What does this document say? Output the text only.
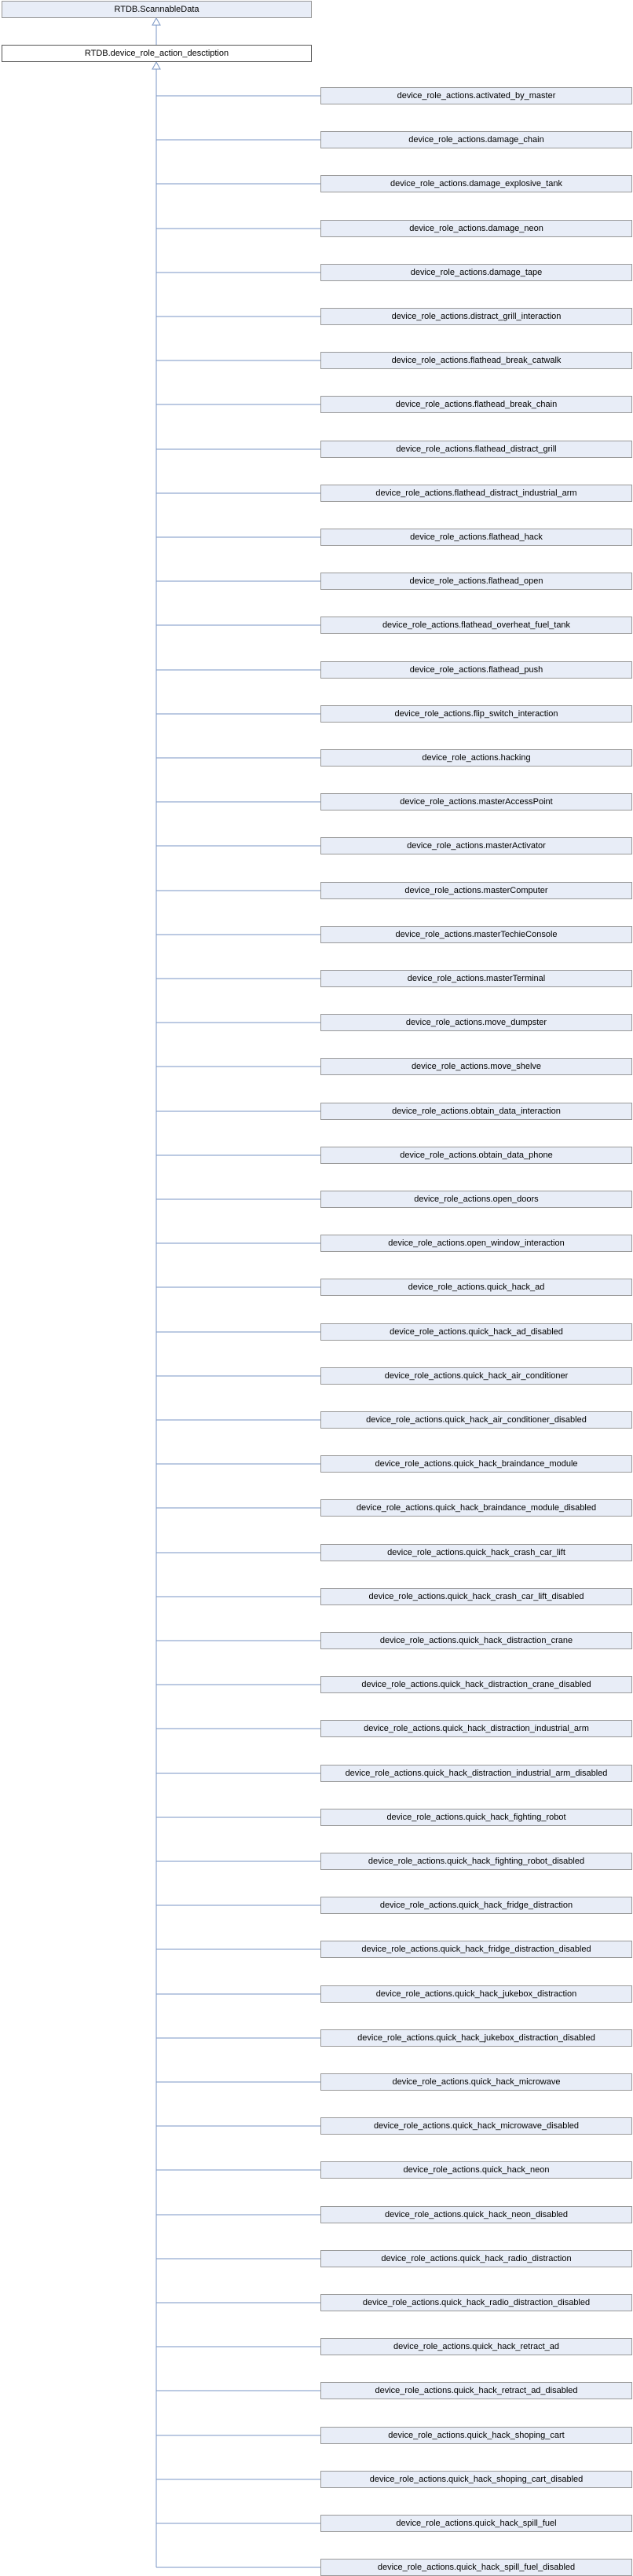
RTDB.ScannableData
RTDB.device_role_action_desctiption
device_role_actions.activated_by_master
device_role_actions.damage_chain
device_role_actions.damage_explosive_tank
device_role_actions.damage_neon
device_role_actions.damage_tape
device_role_actions.distract_grill_interaction
device_role_actions.flathead_break_catwalk
device_role_actions.flathead_break_chain
device_role_actions.flathead_distract_grill
device_role_actions.flathead_distract_industrial_arm
device_role_actions.flathead_hack
device_role_actions.flathead_open
device_role_actions.flathead_overheat_fuel_tank
device_role_actions.flathead_push
device_role_actions.flip_switch_interaction
device_role_actions.hacking
device_role_actions.masterAccessPoint
device_role_actions.masterActivator
device_role_actions.masterComputer
device_role_actions.masterTechieConsole
device_role_actions.masterTerminal
device_role_actions.move_dumpster
device_role_actions.move_shelve
device_role_actions.obtain_data_interaction
device_role_actions.obtain_data_phone
device_role_actions.open_doors
device_role_actions.open_window_interaction
device_role_actions.quick_hack_ad
device_role_actions.quick_hack_ad_disabled
device_role_actions.quick_hack_air_conditioner
device_role_actions.quick_hack_air_conditioner_disabled
device_role_actions.quick_hack_braindance_module
device_role_actions.quick_hack_braindance_module_disabled
device_role_actions.quick_hack_crash_car_lift
device_role_actions.quick_hack_crash_car_lift_disabled
device_role_actions.quick_hack_distraction_crane
device_role_actions.quick_hack_distraction_crane_disabled
device_role_actions.quick_hack_distraction_industrial_arm
device_role_actions.quick_hack_distraction_industrial_arm_disabled
device_role_actions.quick_hack_fighting_robot
device_role_actions.quick_hack_fighting_robot_disabled
device_role_actions.quick_hack_fridge_distraction
device_role_actions.quick_hack_fridge_distraction_disabled
device_role_actions.quick_hack_jukebox_distraction
device_role_actions.quick_hack_jukebox_distraction_disabled
device_role_actions.quick_hack_microwave
device_role_actions.quick_hack_microwave_disabled
device_role_actions.quick_hack_neon
device_role_actions.quick_hack_neon_disabled
device_role_actions.quick_hack_radio_distraction
device_role_actions.quick_hack_radio_distraction_disabled
device_role_actions.quick_hack_retract_ad
device_role_actions.quick_hack_retract_ad_disabled
device_role_actions.quick_hack_shoping_cart
device_role_actions.quick_hack_shoping_cart_disabled
device_role_actions.quick_hack_spill_fuel
device_role_actions.quick_hack_spill_fuel_disabled
